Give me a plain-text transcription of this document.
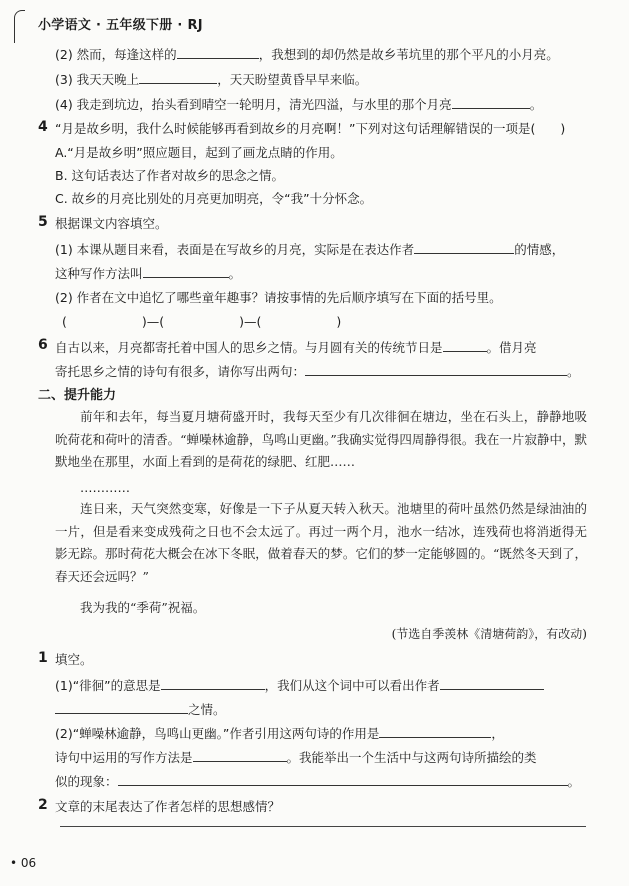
小学语文 · 五年级下册 · RJ
(2) 然而，每逢这样的	，我想到的却仍然是故乡苇坑里的那个平凡的小月亮。
(3) 我天天晚上	，天天盼望黄昏早早来临。
(4) 我走到坑边，抬头看到晴空一轮明月，清光四溢，与水里的那个月亮	。
4 “月是故乡明，我什么时候能够再看到故乡的月亮啊！”下列对这句话理解错误的一项是(　　)
A.“月是故乡明”照应题目，起到了画龙点睛的作用。
B. 这句话表达了作者对故乡的思念之情。
C. 故乡的月亮比别处的月亮更加明亮，令“我”十分怀念。
5 根据课文内容填空。
(1) 本课从题目来看，表面是在写故乡的月亮，实际是在表达作者	的情感，
这种写作方法叫	。
(2) 作者在文中追忆了哪些童年趣事？请按事情的先后顺序填写在下面的括号里。
(　　　　　　)—(　　　　　　)—(　　　　　　)
6 自古以来，月亮都寄托着中国人的思乡之情。与月圆有关的传统节日是	。借月亮
寄托思乡之情的诗句有很多，请你写出两句：	。
二、提升能力
前年和去年，每当夏月塘荷盛开时，我每天至少有几次徘徊在塘边，坐在石头上，静静地吸吮荷花和荷叶的清香。“蝉噪林逾静，鸟鸣山更幽。”我确实觉得四周静得很。我在一片寂静中，默默地坐在那里，水面上看到的是荷花的绿肥、红肥……
…………
连日来，天气突然变寒，好像是一下子从夏天转入秋天。池塘里的荷叶虽然仍然是绿油油的一片，但是看来变成残荷之日也不会太远了。再过一两个月，池水一结冰，连残荷也将消逝得无影无踪。那时荷花大概会在冰下冬眠，做着春天的梦。它们的梦一定能够圆的。“既然冬天到了，春天还会远吗？”
我为我的“季荷”祝福。
(节选自季羡林《清塘荷韵》，有改动)
1 填空。
(1)“徘徊”的意思是	，我们从这个词中可以看出作者
之情。
(2)“蝉噪林逾静，鸟鸣山更幽。”作者引用这两句诗的作用是	，
诗句中运用的写作方法是	。我能举出一个生活中与这两句诗所描绘的类
似的现象：	。
2 文章的末尾表达了作者怎样的思想感情？
• 06
